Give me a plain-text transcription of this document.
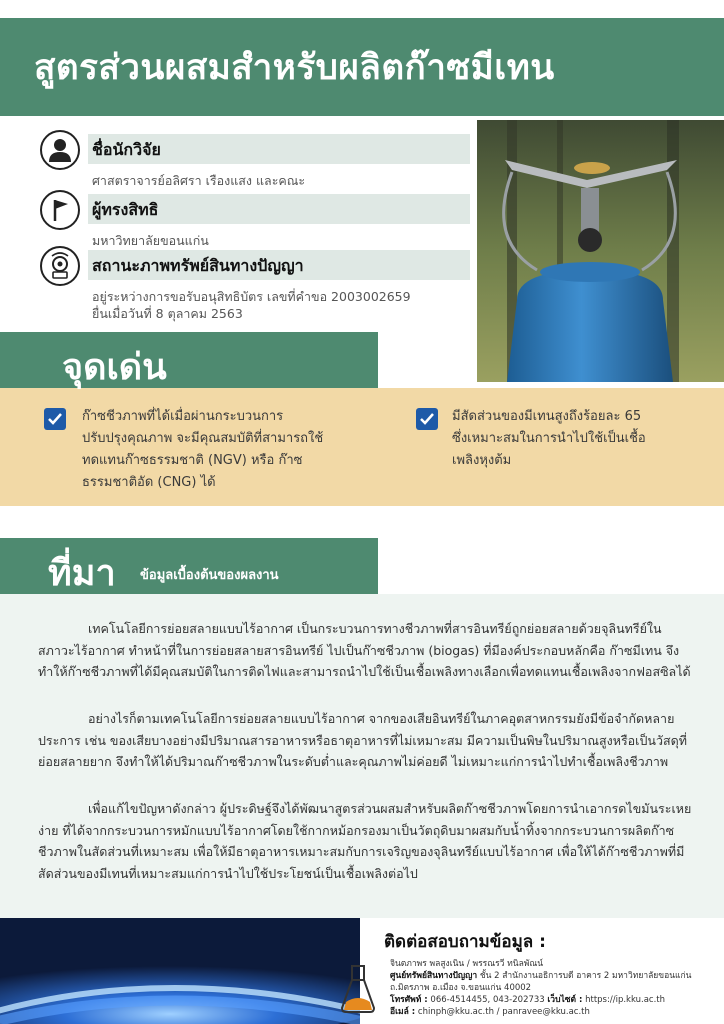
สูตรส่วนผสมสำหรับผลิตก๊าซมีเทน
ชื่อนักวิจัย
ศาสตราจารย์อลิศรา เรืองแสง และคณะ
ผู้ทรงสิทธิ
มหาวิทยาลัยขอนแก่น
สถานะภาพทรัพย์สินทางปัญญา
อยู่ระหว่างการขอรับอนุสิทธิบัตร เลขที่คำขอ 2003002659
ยื่นเมื่อวันที่ 8 ตุลาคม 2563
จุดเด่น
ก๊าซชีวภาพที่ได้เมื่อผ่านกระบวนการ
ปรับปรุงคุณภาพ จะมีคุณสมบัติที่สามารถใช้
ทดแทนก๊าซธรรมชาติ (NGV) หรือ ก๊าซ
ธรรมชาติอัด (CNG) ได้
มีสัดส่วนของมีเทนสูงถึงร้อยละ 65
ซึ่งเหมาะสมในการนำไปใช้เป็นเชื้อ
เพลิงหุงต้ม
ที่มา ข้อมูลเบื้องต้นของผลงาน

เทคโนโลยีการย่อยสลายแบบไร้อากาศ เป็นกระบวนการทางชีวภาพที่สารอินทรีย์ถูกย่อยสลายด้วยจุลินทรีย์ในสภาวะไร้อากาศ ทำหน้าที่ในการย่อยสลายสารอินทรีย์ ไปเป็นก๊าซชีวภาพ (biogas) ที่มีองค์ประกอบหลักคือ ก๊าซมีเทน จึงทำให้ก๊าซชีวภาพที่ได้มีคุณสมบัติในการติดไฟและสามารถนำไปใช้เป็นเชื้อเพลิงทางเลือกเพื่อทดแทนเชื้อเพลิงจากฟอสซิลได้

อย่างไรก็ตามเทคโนโลยีการย่อยสลายแบบไร้อากาศ จากของเสียอินทรีย์ในภาคอุตสาหกรรมยังมีข้อจำกัดหลายประการ เช่น ของเสียบางอย่างมีปริมาณสารอาหารหรือธาตุอาหารที่ไม่เหมาะสม มีความเป็นพิษในปริมาณสูงหรือเป็นวัสดุที่ย่อยสลายยาก จึงทำให้ได้ปริมาณก๊าซชีวภาพในระดับต่ำและคุณภาพไม่ค่อยดี ไม่เหมาะแก่การนำไปทำเชื้อเพลิงชีวภาพ

เพื่อแก้ไขปัญหาดังกล่าว ผู้ประดิษฐ์จึงได้พัฒนาสูตรส่วนผสมสำหรับผลิตก๊าซชีวภาพโดยการนำเอากรดไขมันระเหยง่าย ที่ได้จากกระบวนการหมักแบบไร้อากาศโดยใช้กากหม้อกรองมาเป็นวัตถุดิบมาผสมกับน้ำทิ้งจากกระบวนการผลิตก๊าซชีวภาพในสัดส่วนที่เหมาะสม เพื่อให้มีธาตุอาหารเหมาะสมกับการเจริญของจุลินทรีย์แบบไร้อากาศ เพื่อให้ได้ก๊าซชีวภาพที่มีสัดส่วนของมีเทนที่เหมาะสมแก่การนำไปใช้ประโยชน์เป็นเชื้อเพลิงต่อไป

ติดต่อสอบถามข้อมูล :
จินตภาพร พลสูงเนิน / พรรณรวี ทนิลพัณน์
ศูนย์ทรัพย์สินทางปัญญา ชั้น 2 สำนักงานอธิการบดี อาคาร 2 มหาวิทยาลัยขอนแก่น
ถ.มิตรภาพ อ.เมือง จ.ขอนแก่น 40002
โทรศัพท์ : 066-4514455, 043-202733 เว็บไซต์ : https://ip.kku.ac.th
อีเมล์ : chinph@kku.ac.th / panravee@kku.ac.th
